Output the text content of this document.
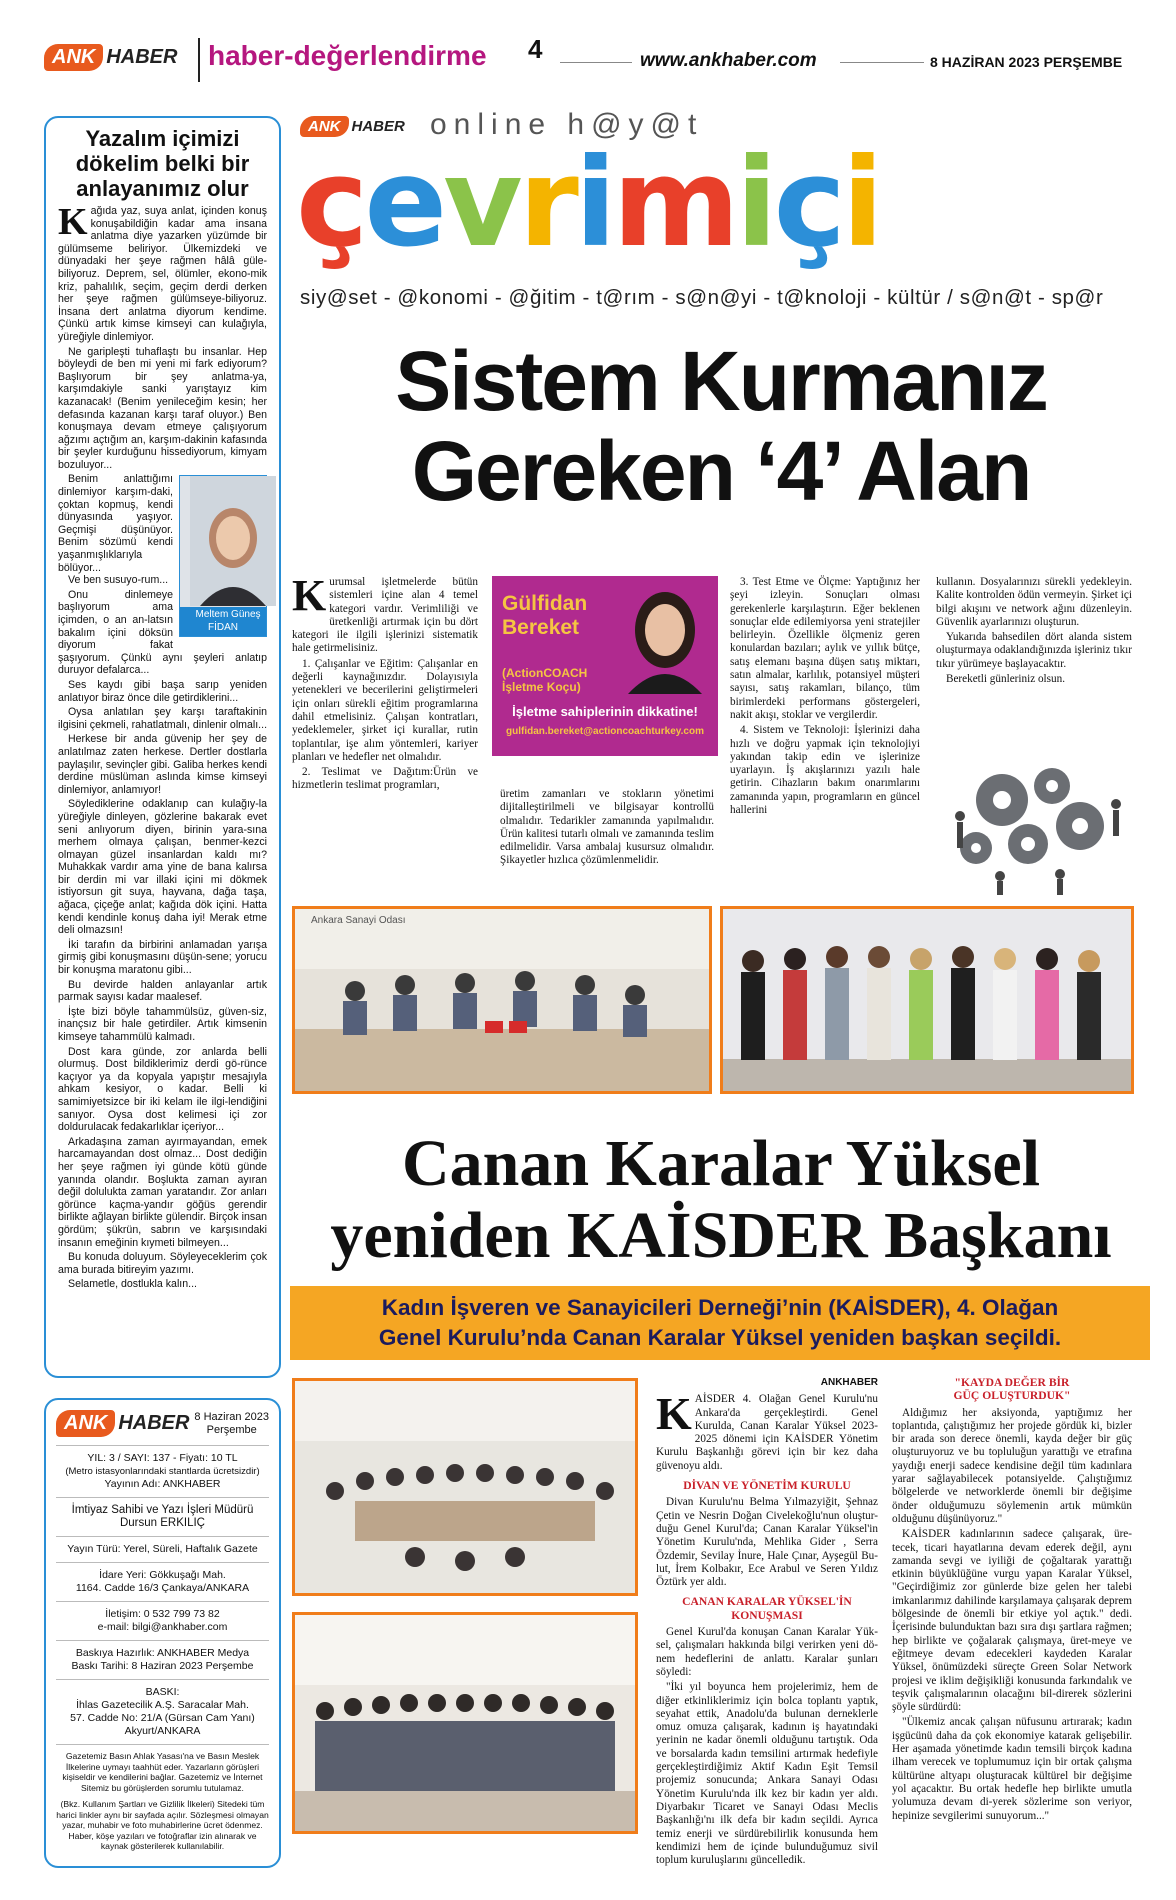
ANK HABER haber-değerlendirme 4	www.ankhaber.com	8 HAZİRAN 2023 PERŞEMBE
ANK HABER online h@y@t
çevrimiçi
siy@set - @konomi - @ğitim - t@rım - s@n@yi - t@knoloji - kültür / s@n@t - sp@r
Yazalım içimizi dökelim belki bir anlayanımız olur

Kağıda yaz, suya anlat, içinden konuş konuşabildiğin kadar ama insana anlatma diye yazarken yüzümde bir gülümseme beliriyor. Ülkemizdeki ve dünyadaki her şeye rağmen hâlâ güle-biliyoruz. Deprem, sel, ölümler, ekono-mik kriz, pahalılık, seçim, geçim derdi derken her şeye rağmen gülümseye-biliyoruz. İnsana dert anlatma diyorum kendime. Çünkü artık kimse kimseyi can kulağıyla, yüreğiyle dinlemiyor.

Ne garipleşti tuhaflaştı bu insanlar. Hep böyleydi de ben mi yeni mi fark ediyorum? Başlıyorum bir şey anlatma-ya, karşımdakiyle sanki yarıştayız kim kazanacak! (Benim yenileceğim kesin; her defasında kazanan karşı taraf oluyor.) Ben konuşmaya devam etmeye çalışıyorum ağzımı açtığım an, karşım-dakinin kafasında bir şeyler kurduğunu hissediyorum, kimyam bozuluyor...

Meltem Güneş FİDAN
Benim anlattığımı dinlemiyor karşım-daki, çoktan kopmuş, kendi dünyasında yaşıyor. Geçmişi düşünüyor. Benim sözümü kendi yaşanmışlıklarıyla bölüyor...

Ve ben susuyo-rum...

Onu dinlemeye başlıyorum ama içimden, o an an-latsın bakalım içini döksün diyorum fakat şaşıyorum. Çünkü aynı şeyleri anlatıp duruyor defalarca...

Ses kaydı gibi başa sarıp yeniden anlatıyor biraz önce dile getirdiklerini...

Oysa anlatılan şey karşı taraftakinin ilgisini çekmeli, rahatlatmalı, dinlenir olmalı...

Herkese bir anda güvenip her şey de anlatılmaz zaten herkese. Dertler dostlarla paylaşılır, sevinçler gibi. Galiba herkes kendi derdine müslüman aslında kimse kimseyi dinlemiyor, anlamıyor!

Söylediklerine odaklanıp can kulağıy-la yüreğiyle dinleyen, gözlerine bakarak evet seni anlıyorum diyen, birinin yara-sına merhem olmaya çalışan, benmer-kezci olmayan güzel insanlardan kaldı mı? Muhakkak vardır ama yine de bana kalırsa bir derdin mi var illaki içini mi dökmek istiyorsun git suya, hayvana, dağa taşa, ağaca, çiçeğe anlat; kağıda dök içini. Hatta kendi kendinle konuş daha iyi! Merak etme deli olmazsın!

İki tarafın da birbirini anlamadan yarışa girmiş gibi konuşmasını düşün-sene; yorucu bir konuşma maratonu gibi...

Bu devirde halden anlayanlar artık parmak sayısı kadar maalesef.

İşte bizi böyle tahammülsüz, güven-siz, inançsız bir hale getirdiler. Artık kimsenin kimseye tahammülü kalmadı.

Dost kara günde, zor anlarda belli olurmuş. Dost bildiklerimiz derdi gö-rünce kaçıyor ya da kopyala yapıştır mesajıyla ahkam kesiyor, o kadar. Belli ki samimiyetsizce bir iki kelam ile ilgi-lendiğini sanıyor. Oysa dost kelimesi içi zor doldurulacak fedakarlıklar içeriyor...

Arkadaşına zaman ayırmayandan, emek harcamayandan dost olmaz... Dost dediğin her şeye rağmen iyi günde kötü günde yanında olandır. Boşlukta zaman ayıran değil dolulukta zaman yaratandır. Zor anları görünce kaçma-yandır göğüs gerendir birlikte ağlayan birlikte gülendir. Birçok insan gördüm; şükrün, sabrın ve karşısındaki insanın emeğinin kıymeti bilmeyen...

Bu konuda doluyum. Söyleyeceklerim çok ama burada bitireyim yazımı.

Selametle, dostlukla kalın...

Sistem Kurmanız
Gereken ‘4’ Alan

Kurumsal işletmelerde bütün sistemleri içine alan 4 temel kategori vardır. Verimliliği ve üretkenliği artırmak için bu dört kategori ile ilgili işlerinizi sistematik hale getirmelisiniz.

1. Çalışanlar ve Eğitim: Çalışanlar en değerli kaynağınızdır. Dolayısıyla yetenekleri ve becerilerini geliştirmeleri için onları sürekli eğitim programlarına dahil etmelisiniz. Çalışan kontratları, yedeklemeler, şirket içi kurallar, rutin toplantılar, işe alım yöntemleri, kariyer planları ve hedefler net olmalıdır.

2. Teslimat ve Dağıtım:Ürün ve hizmetlerin teslimat programları,

Gülfidan
Bereket
(ActionCOACH
İşletme Koçu)
İşletme sahiplerinin dikkatine!
gulfidan.bereket@actioncoachturkey.com

üretim zamanları ve stokların yönetimi dijitalleştirilmeli ve bilgisayar kontrollü olmalıdır. Tedarikler zamanında yapılmalıdır. Ürün kalitesi tutarlı olmalı ve zamanında teslim edilmelidir. Varsa ambalaj kusursuz olmalıdır. Şikayetler hızlıca çözümlenmelidir.

3. Test Etme ve Ölçme: Yaptığınız her şeyi izleyin. Sonuçları olması gerekenlerle karşılaştırın. Eğer beklenen sonuçlar elde edilemiyorsa yeni stratejiler belirleyin. Özellikle ölçmeniz geren konulardan bazıları; aylık ve yıllık bütçe, satış elemanı başına düşen satış miktarı, satın almalar, karlılık, potansiyel müşteri sayısı, satış rakamları, bilanço, tüm birimlerdeki performans göstergeleri, nakit akışı, stoklar ve vergilerdir.

4. Sistem ve Teknoloji: İşlerinizi daha hızlı ve doğru yapmak için teknolojiyi yakından takip edin ve işlerinize uyarlayın. İş akışlarınızı yazılı hale getirin. Cihazların bakım onarımlarını zamanında yapın, programların en güncel hallerini

kullanın. Dosyalarınızı sürekli yedekleyin. Kalite kontrolden ödün vermeyin. Şirket içi bilgi akışını ve network ağını düzenleyin. Güvenlik ayarlarınızı oluşturun.

Yukarıda bahsedilen dört alanda sistem oluşturmaya odaklandığınızda işleriniz tıkır tıkır yürümeye başlayacaktır.

Bereketli günleriniz olsun.

Ankara Sanayi Odası
Canan Karalar Yüksel
yeniden KAİSDER Başkanı
Kadın İşveren ve Sanayicileri Derneği’nin (KAİSDER), 4. Olağan
Genel Kurulu’nda Canan Karalar Yüksel yeniden başkan seçildi.
ANKHABER

KAİSDER 4. Olağan Genel Kurulu'nu Ankara'da gerçekleştirdi. Genel Kurulda, Canan Karalar Yüksel 2023-2025 dönemi için KAİSDER Yönetim Kurulu Başkanlığı görevi için bir kez daha güvenoyu aldı.

DİVAN VE YÖNETİM KURULU

Divan Kurulu'nu Belma Yılmazyiğit, Şehnaz Çetin ve Nesrin Doğan Civelekoğlu'nun oluştur-duğu Genel Kurul'da; Canan Karalar Yüksel'in Yönetim Kurulu'nda, Mehlika Gider , Serra Özdemir, Sevilay İnure, Hale Çınar, Ayşegül Bu-lut, İrem Kolbakır, Ece Arabul ve Seren Yıldız Öztürk yer aldı.

CANAN KARALAR YÜKSEL'İN
KONUŞMASI

Genel Kurul'da konuşan Canan Karalar Yük-sel, çalışmaları hakkında bilgi verirken yeni dö-nem hedeflerini de anlattı. Karalar şunları söyledi:

"İki yıl boyunca hem projelerimiz, hem de diğer etkinliklerimiz için bolca toplantı yaptık, seyahat ettik, Anadolu'da bulunan derneklerle omuz omuza çalışarak, kadının iş hayatındaki yerinin ne kadar önemli olduğunu tartıştık. Oda ve borsalarda kadın temsilini artırmak hedefiyle gerçekleştirdiğimiz Aktif Kadın Eşit Temsil projemiz sonucunda; Ankara Sanayi Odası Yönetim Kurulu'nda ilk kez bir kadın yer aldı. Diyarbakır Ticaret ve Sanayi Odası Meclis Başkanlığı'nı ilk defa bir kadın seçildi. Ayrıca temiz enerji ve sürdürebilirlik konusunda hem kendimizi hem de içinde bulunduğumuz sivil toplum kuruluşlarını güncelledik.

"KAYDA DEĞER BİR
GÜÇ OLUŞTURDUK"

Aldığımız her aksiyonda, yaptığımız her toplantıda, çalıştığımız her projede gördük ki, bizler bir arada son derece önemli, kayda değer bir güç oluşturuyoruz ve bu topluluğun yarattığı ve etrafına yaydığı enerji sadece kendisine değil tüm kadınlara yarar sağlayabilecek potansiyelde. Çalıştığımız bölgelerde ve networklerde önemli bir değişime önder olduğumuzu söylemenin artık mümkün olduğunu düşünüyoruz."

KAİSDER kadınlarının sadece çalışarak, üre-tecek, ticari hayatlarına devam ederek değil, aynı zamanda sevgi ve iyiliği de çoğaltarak yarattığı etkinin büyüklüğüne vurgu yapan Karalar Yüksel, "Geçirdiğimiz zor günlerde bize gelen her talebi imkanlarımız dahilinde karşılamaya çalışarak deprem bölgesinde de önemli bir etkiye yol açtık." dedi. İçerisinde bulunduktan bazı sıra dışı şartlara rağmen; hep birlikte ve çoğalarak çalışmaya, üret-meye ve eğitmeye devam edecekleri kaydeden Karalar Yüksel, önümüzdeki süreçte Green Solar Network projesi ve iklim değişikliği konusunda farkındalık ve teşvik çalışmalarının olacağını bil-direrek sözlerini şöyle sürdürdü:

"Ülkemiz ancak çalışan nüfusunu artırarak; kadın işgücünü daha da çok ekonomiye katarak gelişebilir. Her aşamada yönetimde kadın temsili birçok kadına ilham verecek ve toplumumuz için bir ortak çalışma kültürüne altyapı oluşturacak kültürel bir değişime yol açacaktır. Bu ortak hedefle hep birlikte umutla yolumuza devam di-yerek sözlerime son veriyor, hepinize sevgilerimi sunuyorum..."

ANK HABER 8 Haziran 2023
Perşembe

YIL: 3 / SAYI: 137 - Fiyatı: 10 TL

(Metro istasyonlarındaki stantlarda ücretsizdir)

Yayının Adı: ANKHABER

İmtiyaz Sahibi ve Yazı İşleri Müdürü

Dursun ERKILIÇ

Yayın Türü: Yerel, Süreli, Haftalık Gazete

İdare Yeri: Gökkuşağı Mah.

1164. Cadde 16/3 Çankaya/ANKARA

İletişim: 0 532 799 73 82

e-mail: bilgi@ankhaber.com

Baskıya Hazırlık: ANKHABER Medya

Baskı Tarihi: 8 Haziran 2023 Perşembe

BASKI:

İhlas Gazetecilik A.Ş. Saracalar Mah.

57. Cadde No: 21/A (Gürsan Cam Yanı)

Akyurt/ANKARA

Gazetemiz Basın Ahlak Yasası'na ve Basın Meslek İlkelerine uymayı taahhüt eder. Yazarların görüşleri kişiseldir ve kendilerini bağlar. Gazetemiz ve İnternet Sitemiz bu görüşlerden sorumlu tutulamaz.

(Bkz. Kullanım Şartları ve Gizlilik İlkeleri) Sitedeki tüm harici linkler aynı bir sayfada açılır. Sözleşmesi olmayan yazar, muhabir ve foto muhabirlerine ücret ödenmez. Haber, köşe yazıları ve fotoğraflar izin alınarak ve kaynak gösterilerek kullanılabilir.
